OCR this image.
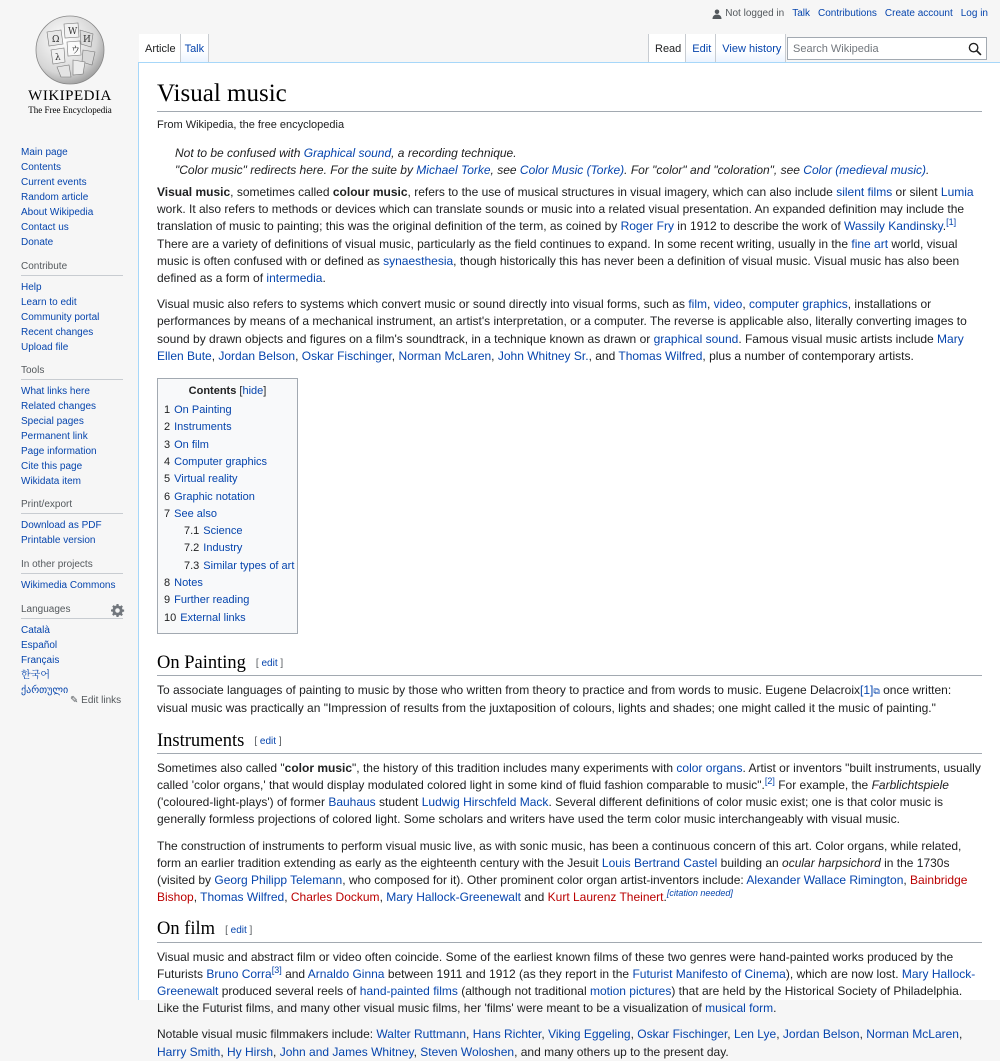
Ω
W
И
ウ
λ
WIKIPEDIA
The Free Encyclopedia
Main page
Contents
Current events
Random article
About Wikipedia
Contact us
Donate
Contribute
Help
Learn to edit
Community portal
Recent changes
Upload file
Tools
What links here
Related changes
Special pages
Permanent link
Page information
Cite this page
Wikidata item
Print/export
Download as PDF
Printable version
In other projects
Wikimedia Commons
Languages
Català
Español
Français
한국어
ქართული
✎ Edit links
Not logged in Talk Contributions Create account Log in
Article Talk	Read	Edit	View history
Search Wikipedia
Visual music
From Wikipedia, the free encyclopedia
Not to be confused with Graphical sound, a recording technique.
"Color music" redirects here. For the suite by Michael Torke, see Color Music (Torke). For "color" and "coloration", see Color (medieval music).

Visual music, sometimes called colour music, refers to the use of musical structures in visual imagery, which can also include silent films or silent Lumia work. It also refers to methods or devices which can translate sounds or music into a related visual presentation. An expanded definition may include the translation of music to painting; this was the original definition of the term, as coined by Roger Fry in 1912 to describe the work of Wassily Kandinsky.[1] There are a variety of definitions of visual music, particularly as the field continues to expand. In some recent writing, usually in the fine art world, visual music is often confused with or defined as synaesthesia, though historically this has never been a definition of visual music. Visual music has also been defined as a form of intermedia.

Visual music also refers to systems which convert music or sound directly into visual forms, such as film, video, computer graphics, installations or performances by means of a mechanical instrument, an artist's interpretation, or a computer. The reverse is applicable also, literally converting images to sound by drawn objects and figures on a film's soundtrack, in a technique known as drawn or graphical sound. Famous visual music artists include Mary Ellen Bute, Jordan Belson, Oskar Fischinger, Norman McLaren, John Whitney Sr., and Thomas Wilfred, plus a number of contemporary artists.

Contents [hide]
1 On Painting
2 Instruments
3 On film
4 Computer graphics
5 Virtual reality
6 Graphic notation
7 See also
7.1 Science
7.2 Industry
7.3 Similar types of art
8 Notes
9 Further reading
10 External links
On Painting [ edit ]

To associate languages of painting to music by those who written from theory to practice and from words to music. Eugene Delacroix[1]⧉ once written: visual music was practically an "Impression of results from the juxtaposition of colours, lights and shades; one might called it the music of painting."

Instruments [ edit ]

Sometimes also called "color music", the history of this tradition includes many experiments with color organs. Artist or inventors "built instruments, usually called 'color organs,' that would display modulated colored light in some kind of fluid fashion comparable to music".[2] For example, the Farblichtspiele ('coloured-light-plays') of former Bauhaus student Ludwig Hirschfeld Mack. Several different definitions of color music exist; one is that color music is generally formless projections of colored light. Some scholars and writers have used the term color music interchangeably with visual music.

The construction of instruments to perform visual music live, as with sonic music, has been a continuous concern of this art. Color organs, while related, form an earlier tradition extending as early as the eighteenth century with the Jesuit Louis Bertrand Castel building an ocular harpsichord in the 1730s (visited by Georg Philipp Telemann, who composed for it). Other prominent color organ artist-inventors include: Alexander Wallace Rimington, Bainbridge Bishop, Thomas Wilfred, Charles Dockum, Mary Hallock-Greenewalt and Kurt Laurenz Theinert.[citation needed]

On film [ edit ]

Visual music and abstract film or video often coincide. Some of the earliest known films of these two genres were hand-painted works produced by the Futurists Bruno Corra[3] and Arnaldo Ginna between 1911 and 1912 (as they report in the Futurist Manifesto of Cinema), which are now lost. Mary Hallock-Greenewalt produced several reels of hand-painted films (although not traditional motion pictures) that are held by the Historical Society of Philadelphia. Like the Futurist films, and many other visual music films, her 'films' were meant to be a visualization of musical form.

Notable visual music filmmakers include: Walter Ruttmann, Hans Richter, Viking Eggeling, Oskar Fischinger, Len Lye, Jordan Belson, Norman McLaren, Harry Smith, Hy Hirsh, John and James Whitney, Steven Woloshen, and many others up to the present day.
